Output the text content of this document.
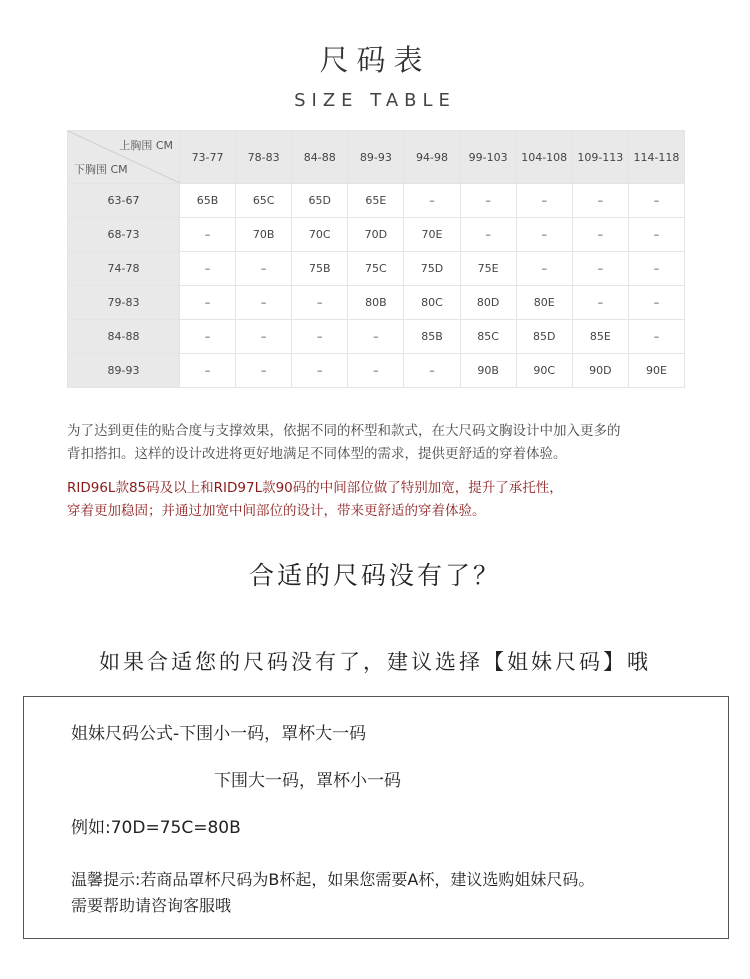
尺码表
SIZE TABLE
上胸围 CM
下胸围 CM	73-77	78-83	84-88	89-93	94-98	99-103	104-108	109-113	114-118
63-67	65B	65C	65D	65E	–	–	–	–	–
68-73	–	70B	70C	70D	70E	–	–	–	–
74-78	–	–	75B	75C	75D	75E	–	–	–
79-83	–	–	–	80B	80C	80D	80E	–	–
84-88	–	–	–	–	85B	85C	85D	85E	–
89-93	–	–	–	–	–	90B	90C	90D	90E
为了达到更佳的贴合度与支撑效果，依据不同的杯型和款式，在大尺码文胸设计中加入更多的
背扣搭扣。这样的设计改进将更好地满足不同体型的需求，提供更舒适的穿着体验。
RID96L款85码及以上和RID97L款90码的中间部位做了特别加宽，提升了承托性，
穿着更加稳固；并通过加宽中间部位的设计，带来更舒适的穿着体验。
合适的尺码没有了？
如果合适您的尺码没有了，建议选择【姐妹尺码】哦
姐妹尺码公式-下围小一码，罩杯大一码
下围大一码，罩杯小一码
例如:70D=75C=80B
温馨提示:若商品罩杯尺码为B杯起，如果您需要A杯，建议选购姐妹尺码。
需要帮助请咨询客服哦
